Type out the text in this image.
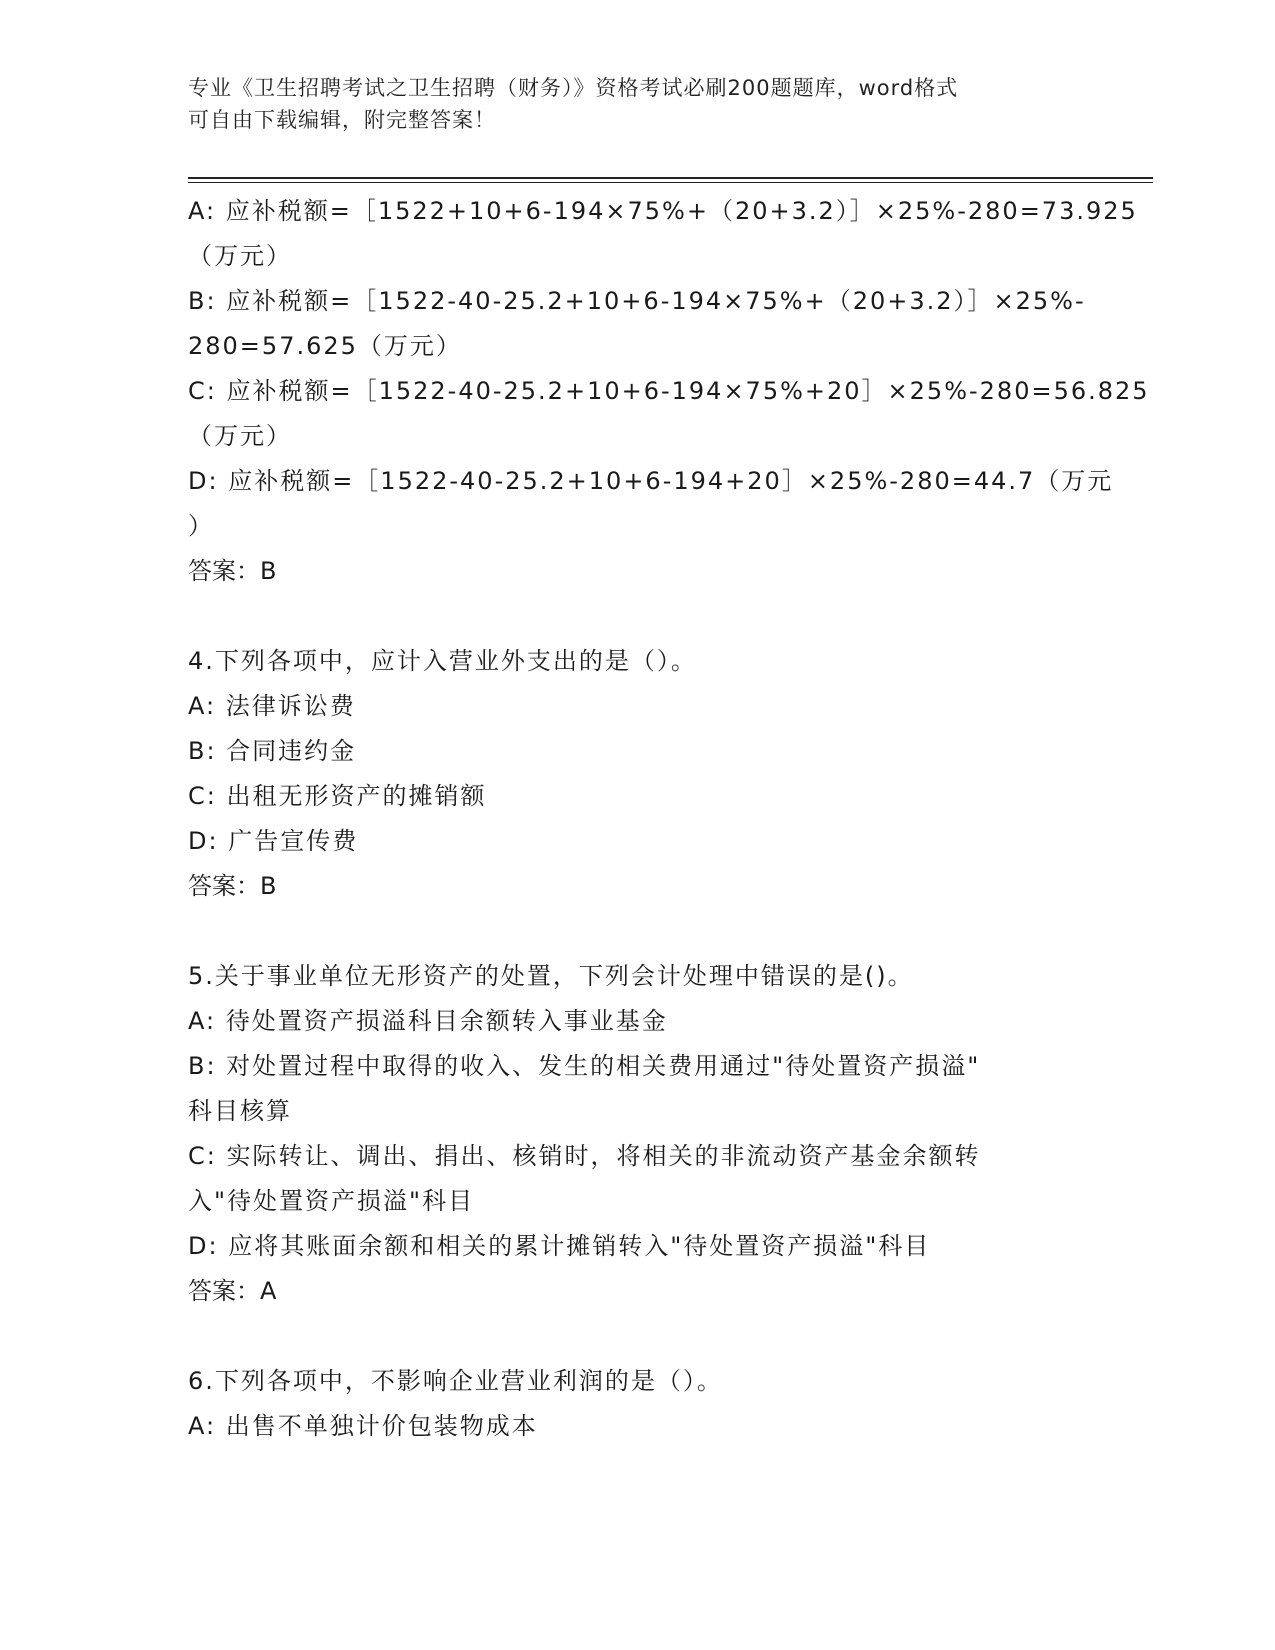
专业《卫生招聘考试之卫生招聘（财务）》资格考试必刷200题题库，word格式
可自由下载编辑，附完整答案！
A: 应补税额=［1522+10+6-194×75%+（20+3.2）］×25%-280=73.925
（万元）
B: 应补税额=［1522-40-25.2+10+6-194×75%+（20+3.2）］×25%-
280=57.625（万元）
C: 应补税额=［1522-40-25.2+10+6-194×75%+20］×25%-280=56.825
（万元）
D: 应补税额=［1522-40-25.2+10+6-194+20］×25%-280=44.7（万元
）
答案：B
4.下列各项中，应计入营业外支出的是（）。
A: 法律诉讼费
B: 合同违约金
C: 出租无形资产的摊销额
D: 广告宣传费
答案：B
5.关于事业单位无形资产的处置，下列会计处理中错误的是()。
A: 待处置资产损溢科目余额转入事业基金
B: 对处置过程中取得的收入、发生的相关费用通过"待处置资产损溢"
科目核算
C: 实际转让、调出、捐出、核销时，将相关的非流动资产基金余额转
入"待处置资产损溢"科目
D: 应将其账面余额和相关的累计摊销转入"待处置资产损溢"科目
答案：A
6.下列各项中，不影响企业营业利润的是（）。
A: 出售不单独计价包装物成本
